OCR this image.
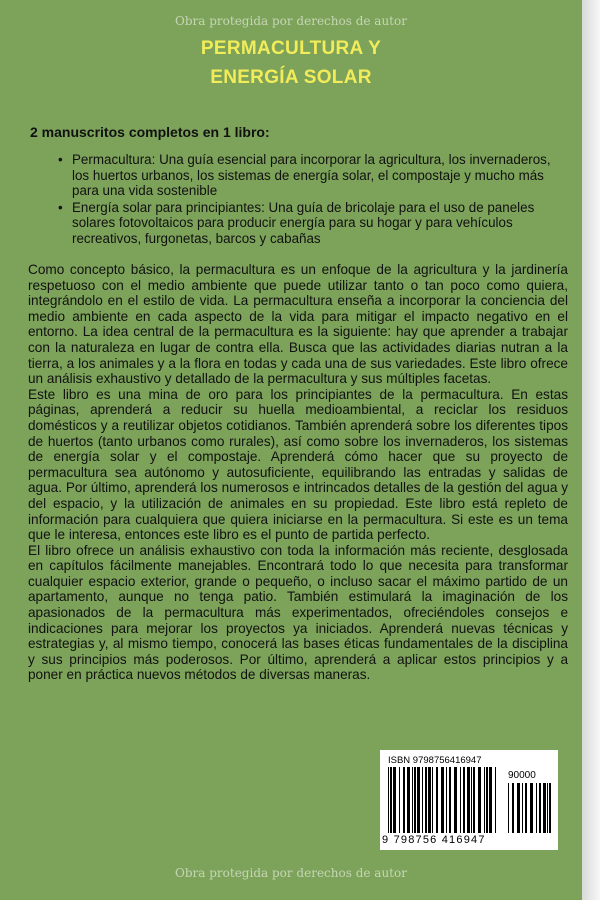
Obra protegida por derechos de autor
PERMACULTURA Y
ENERGÍA SOLAR
2 manuscritos completos en 1 libro:
• Permacultura: Una guía esencial para incorporar la agricultura, los invernaderos, los huertos urbanos, los sistemas de energía solar, el compostaje y mucho más para una vida sostenible
• Energía solar para principiantes: Una guía de bricolaje para el uso de paneles solares fotovoltaicos para producir energía para su hogar y para vehículos recreativos, furgonetas, barcos y cabañas

Como concepto básico, la permacultura es un enfoque de la agricultura y la jardinería respetuoso con el medio ambiente que puede utilizar tanto o tan poco como quiera, integrándolo en el estilo de vida. La permacultura enseña a incorporar la conciencia del medio ambiente en cada aspecto de la vida para mitigar el impacto negativo en el entorno. La idea central de la permacultura es la siguiente: hay que aprender a trabajar con la naturaleza en lugar de contra ella. Busca que las actividades diarias nutran a la tierra, a los animales y a la flora en todas y cada una de sus variedades. Este libro ofrece un análisis exhaustivo y detallado de la permacultura y sus múltiples facetas.

Este libro es una mina de oro para los principiantes de la permacultura. En estas páginas, aprenderá a reducir su huella medioambiental, a reciclar los residuos domésticos y a reutilizar objetos cotidianos. También aprenderá sobre los diferentes tipos de huertos (tanto urbanos como rurales), así como sobre los invernaderos, los sistemas de energía solar y el compostaje. Aprenderá cómo hacer que su proyecto de permacultura sea autónomo y autosuficiente, equilibrando las entradas y salidas de agua. Por último, aprenderá los numerosos e intrincados detalles de la gestión del agua y del espacio, y la utilización de animales en su propiedad. Este libro está repleto de información para cualquiera que quiera iniciarse en la permacultura. Si este es un tema que le interesa, entonces este libro es el punto de partida perfecto.

El libro ofrece un análisis exhaustivo con toda la información más reciente, desglosada en capítulos fácilmente manejables. Encontrará todo lo que necesita para transformar cualquier espacio exterior, grande o pequeño, o incluso sacar el máximo partido de un apartamento, aunque no tenga patio. También estimulará la imaginación de los apasionados de la permacultura más experimentados, ofreciéndoles consejos e indicaciones para mejorar los proyectos ya iniciados. Aprenderá nuevas técnicas y estrategias y, al mismo tiempo, conocerá las bases éticas fundamentales de la disciplina y sus principios más poderosos. Por último, aprenderá a aplicar estos principios y a poner en práctica nuevos métodos de diversas maneras.

ISBN 9798756416947
90000
9 798756 416947
Obra protegida por derechos de autor
